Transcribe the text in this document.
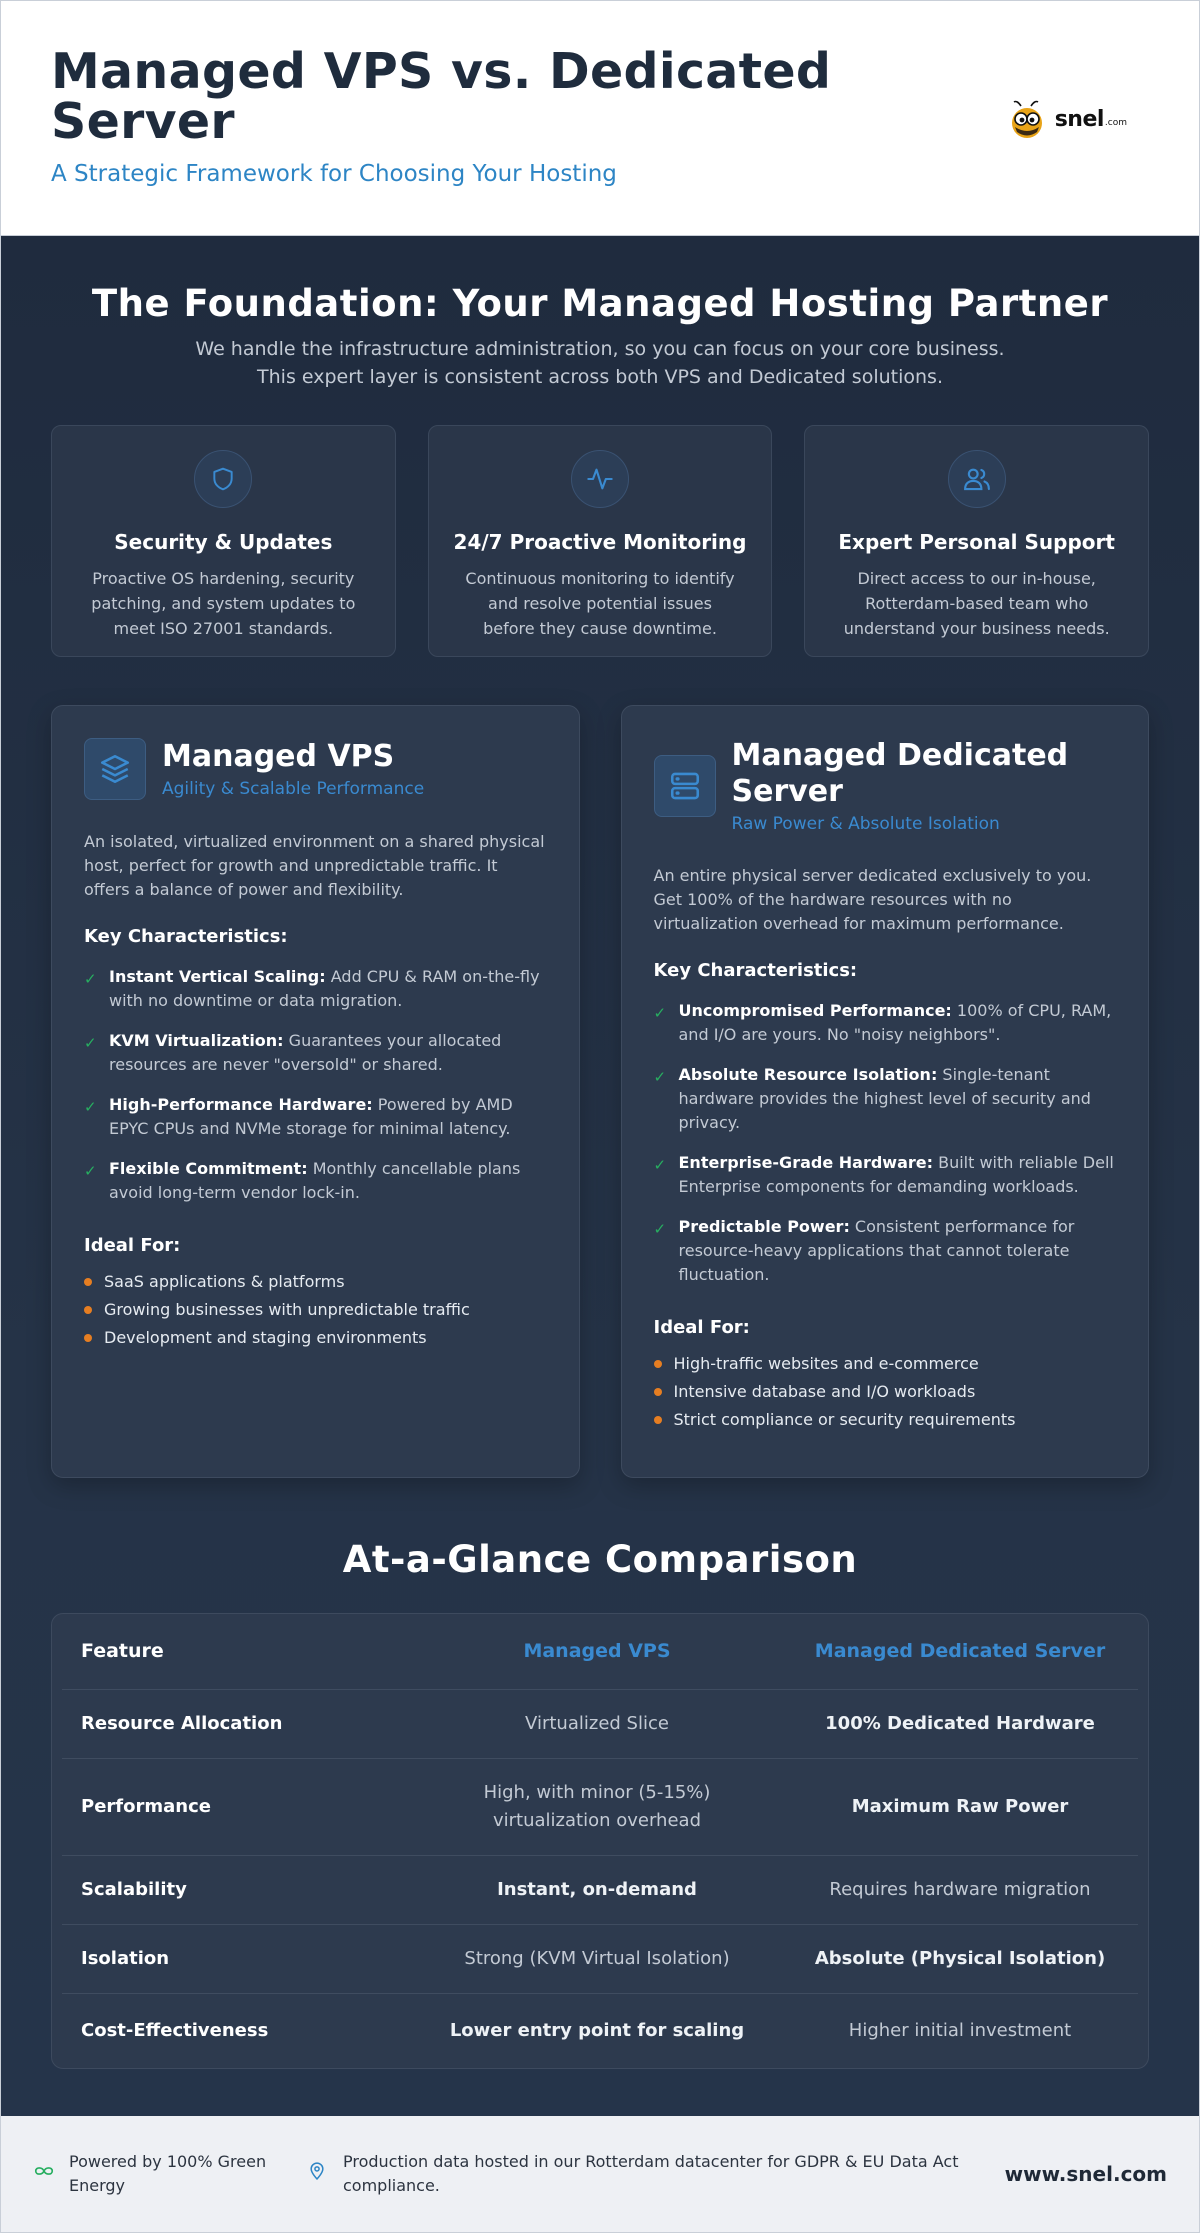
Managed VPS vs. Dedicated Server
A Strategic Framework for Choosing Your Hosting
snel .com
The Foundation: Your Managed Hosting Partner
We handle the infrastructure administration, so you can focus on your core business.
This expert layer is consistent across both VPS and Dedicated solutions.
Security & Updates
Proactive OS hardening, security patching, and system updates to meet ISO 27001 standards.
24/7 Proactive Monitoring
Continuous monitoring to identify and resolve potential issues before they cause downtime.
Expert Personal Support
Direct access to our in-house, Rotterdam-based team who understand your business needs.
Managed VPS
Agility & Scalable Performance
An isolated, virtualized environment on a shared physical host, perfect for growth and unpredictable traffic. It offers a balance of power and flexibility.
Key Characteristics:
✓ Instant Vertical Scaling: Add CPU & RAM on-the-fly with no downtime or data migration.
✓ KVM Virtualization: Guarantees your allocated resources are never "oversold" or shared.
✓ High-Performance Hardware: Powered by AMD EPYC CPUs and NVMe storage for minimal latency.
✓ Flexible Commitment: Monthly cancellable plans avoid long-term vendor lock-in.
Ideal For:
SaaS applications & platforms
Growing businesses with unpredictable traffic
Development and staging environments
Managed Dedicated Server
Raw Power & Absolute Isolation
An entire physical server dedicated exclusively to you. Get 100% of the hardware resources with no virtualization overhead for maximum performance.
Key Characteristics:
✓ Uncompromised Performance: 100% of CPU, RAM, and I/O are yours. No "noisy neighbors".
✓ Absolute Resource Isolation: Single-tenant hardware provides the highest level of security and privacy.
✓ Enterprise-Grade Hardware: Built with reliable Dell Enterprise components for demanding workloads.
✓ Predictable Power: Consistent performance for resource-heavy applications that cannot tolerate fluctuation.
Ideal For:
High-traffic websites and e-commerce
Intensive database and I/O workloads
Strict compliance or security requirements
At-a-Glance Comparison
Feature	Managed VPS	Managed Dedicated Server
Resource Allocation	Virtualized Slice	100% Dedicated Hardware
Performance	High, with minor (5-15%) virtualization overhead	Maximum Raw Power
Scalability	Instant, on-demand	Requires hardware migration
Isolation	Strong (KVM Virtual Isolation)	Absolute (Physical Isolation)
Cost-Effectiveness	Lower entry point for scaling	Higher initial investment
Powered by 100% Green Energy
Production data hosted in our Rotterdam datacenter for GDPR & EU Data Act compliance.	www.snel.com
